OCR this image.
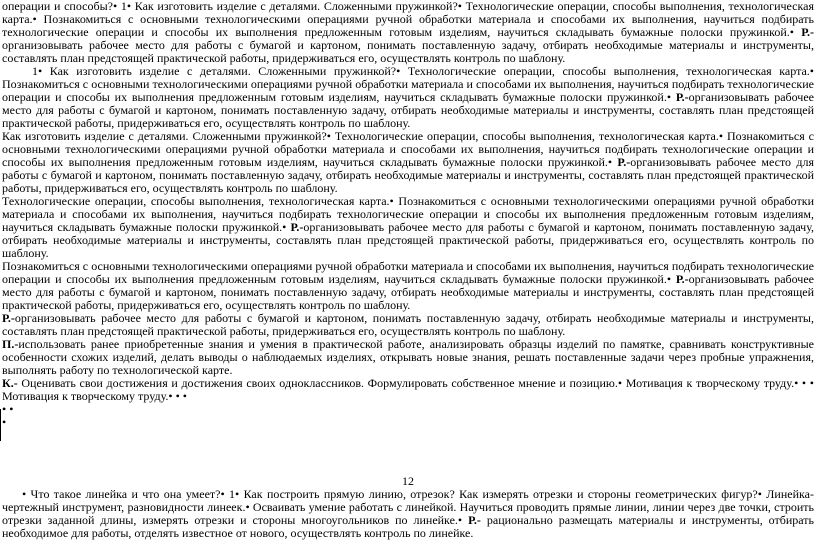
операции и способы?• 1• Как изготовить изделие с деталями. Сложенными пружинкой?• Технологические операции, способы выполнения, технологическая карта.• Познакомиться с основными технологическими операциями ручной обработки материала и способами их выполнения, научиться подбирать технологические операции и способы их выполнения предложенным готовым изделиям, научиться складывать бумажные полоски пружинкой.• Р.-организовывать рабочее место для работы с бумагой и картоном, понимать поставленную задачу, отбирать необходимые материалы и инструменты, составлять план предстоящей практической работы, придерживаться его, осуществлять контроль по шаблону.

1• Как изготовить изделие с деталями. Сложенными пружинкой?• Технологические операции, способы выполнения, технологическая карта.• Познакомиться с основными технологическими операциями ручной обработки материала и способами их выполнения, научиться подбирать технологические операции и способы их выполнения предложенным готовым изделиям, научиться складывать бумажные полоски пружинкой.• Р.-организовывать рабочее место для работы с бумагой и картоном, понимать поставленную задачу, отбирать необходимые материалы и инструменты, составлять план предстоящей практической работы, придерживаться его, осуществлять контроль по шаблону.

Как изготовить изделие с деталями. Сложенными пружинкой?• Технологические операции, способы выполнения, технологическая карта.• Познакомиться с основными технологическими операциями ручной обработки материала и способами их выполнения, научиться подбирать технологические операции и способы их выполнения предложенным готовым изделиям, научиться складывать бумажные полоски пружинкой.• Р.-организовывать рабочее место для работы с бумагой и картоном, понимать поставленную задачу, отбирать необходимые материалы и инструменты, составлять план предстоящей практической работы, придерживаться его, осуществлять контроль по шаблону.

Технологические операции, способы выполнения, технологическая карта.• Познакомиться с основными технологическими операциями ручной обработки материала и способами их выполнения, научиться подбирать технологические операции и способы их выполнения предложенным готовым изделиям, научиться складывать бумажные полоски пружинкой.• Р.-организовывать рабочее место для работы с бумагой и картоном, понимать поставленную задачу, отбирать необходимые материалы и инструменты, составлять план предстоящей практической работы, придерживаться его, осуществлять контроль по шаблону.

Познакомиться с основными технологическими операциями ручной обработки материала и способами их выполнения, научиться подбирать технологические операции и способы их выполнения предложенным готовым изделиям, научиться складывать бумажные полоски пружинкой.• Р.-организовывать рабочее место для работы с бумагой и картоном, понимать поставленную задачу, отбирать необходимые материалы и инструменты, составлять план предстоящей практической работы, придерживаться его, осуществлять контроль по шаблону.

Р.-организовывать рабочее место для работы с бумагой и картоном, понимать поставленную задачу, отбирать необходимые материалы и инструменты, составлять план предстоящей практической работы, придерживаться его, осуществлять контроль по шаблону.

П.-использовать ранее приобретенные знания и умения в практической работе, анализировать образцы изделий по памятке, сравнивать конструктивные особенности схожих изделий, делать выводы о наблюдаемых изделиях, открывать новые знания, решать поставленные задачи через пробные упражнения, выполнять работу по технологической карте.

К.- Оценивать свои достижения и достижения своих одноклассников. Формулировать собственное мнение и позицию.• Мотивация к творческому труду.• • • Мотивация к творческому труду.• • •

• •

•

12

• Что такое линейка и что она умеет?• 1• Как построить прямую линию, отрезок? Как измерять отрезки и стороны геометрических фигур?• Линейка- чертежный инструмент, разновидности линеек.• Осваивать умение работать с линейкой. Научиться проводить прямые линии, линии через две точки, строить отрезки заданной длины, измерять отрезки и стороны многоугольников по линейке.• Р.- рационально размещать материалы и инструменты, отбирать необходимое для работы, отделять известное от нового, осуществлять контроль по линейке.
